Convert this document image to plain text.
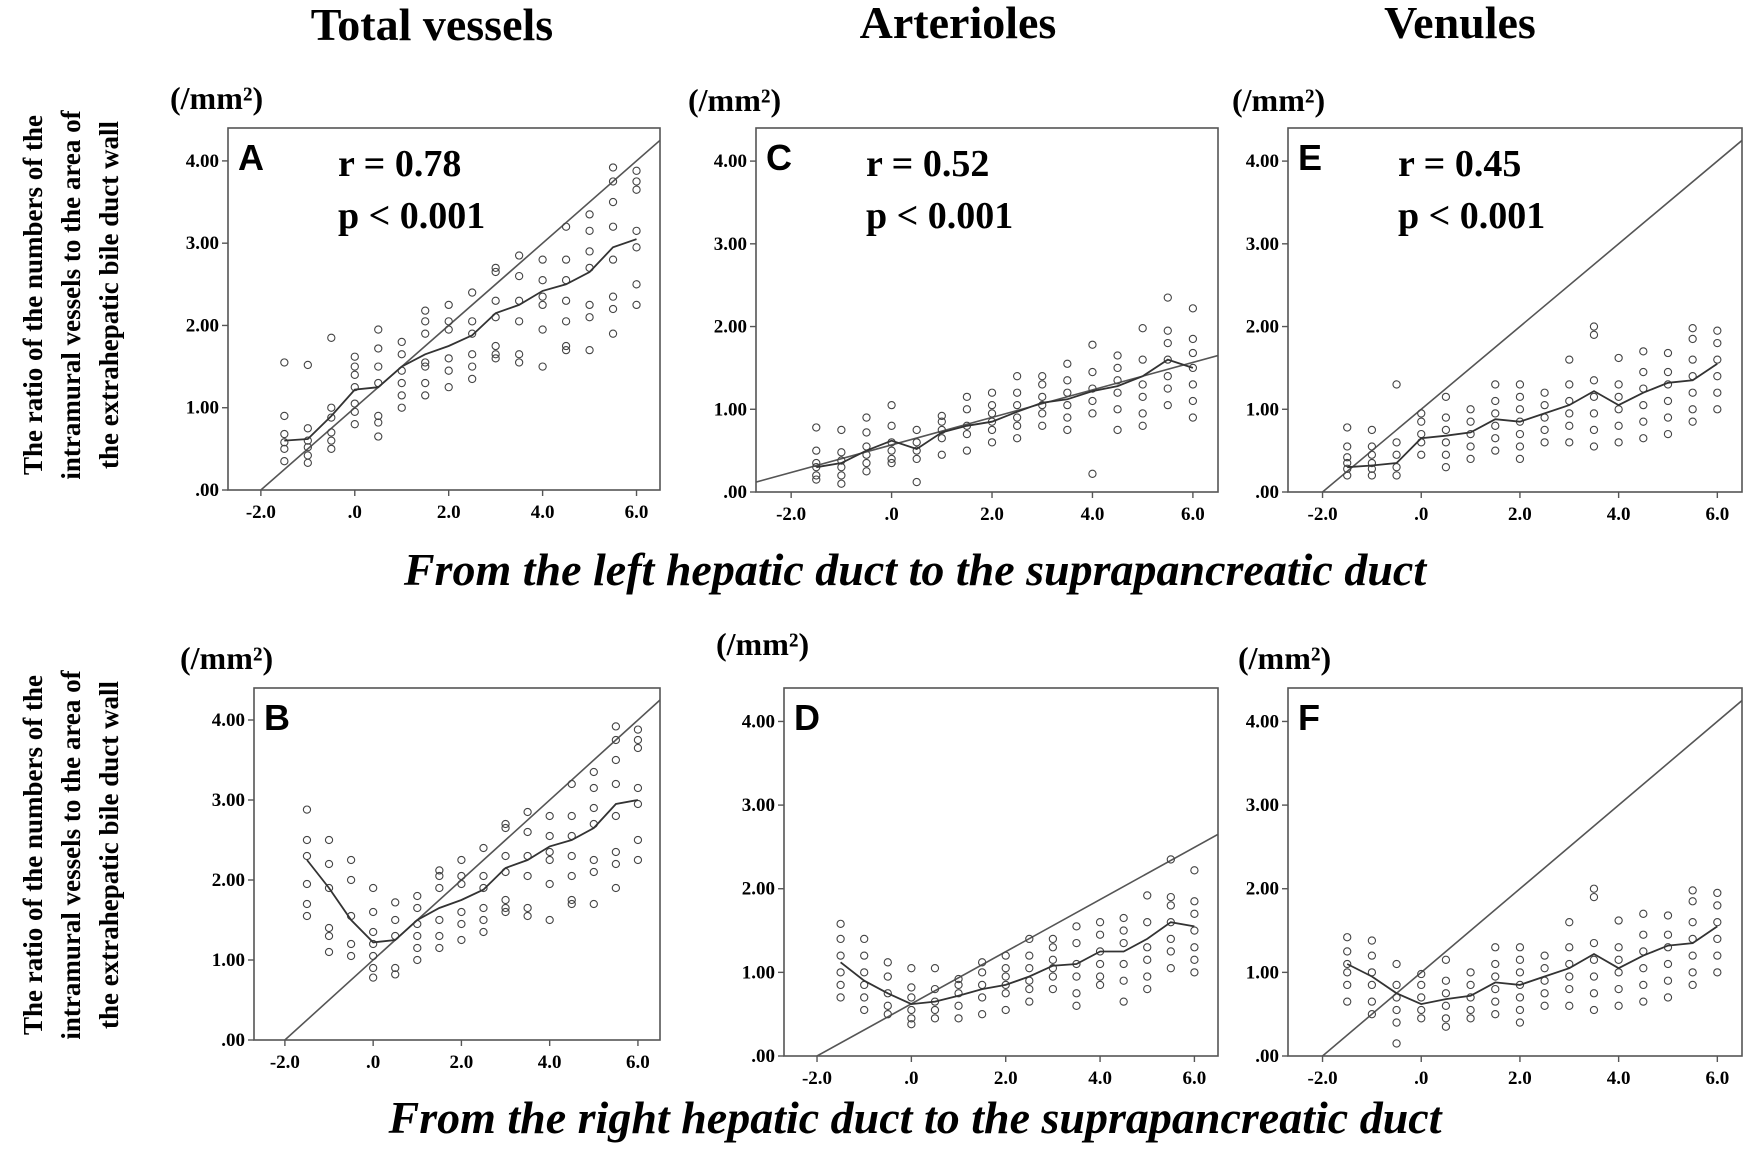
Total vessels	Arterioles	Venules
From the left hepatic duct to the suprapancreatic duct
From the right hepatic duct to the suprapancreatic duct
The ratio of the numbers of the intramural vessels to the area of the extrahepatic bile duct wall
The ratio of the numbers of the intramural vessels to the area of the extrahepatic bile duct wall
(/mm²)	(/mm²)	(/mm²)
(/mm²)	(/mm²)	(/mm²)
.00
1.00
2.00
3.00
4.00
-2.0	.0	2.0	4.0	6.0
A r = 0.78
p < 0.001
.00
1.00
2.00
3.00
4.00
-2.0	.0	2.0	4.0	6.0
C r = 0.52
p < 0.001
.00
1.00
2.00
3.00
4.00
-2.0	.0	2.0	4.0	6.0
E r = 0.45
p < 0.001
.00
1.00
2.00
3.00
4.00
-2.0	.0	2.0	4.0	6.0
B
.00
1.00
2.00
3.00
4.00
-2.0	.0	2.0	4.0	6.0
D
.00
1.00
2.00
3.00
4.00
-2.0	.0	2.0	4.0	6.0
F
